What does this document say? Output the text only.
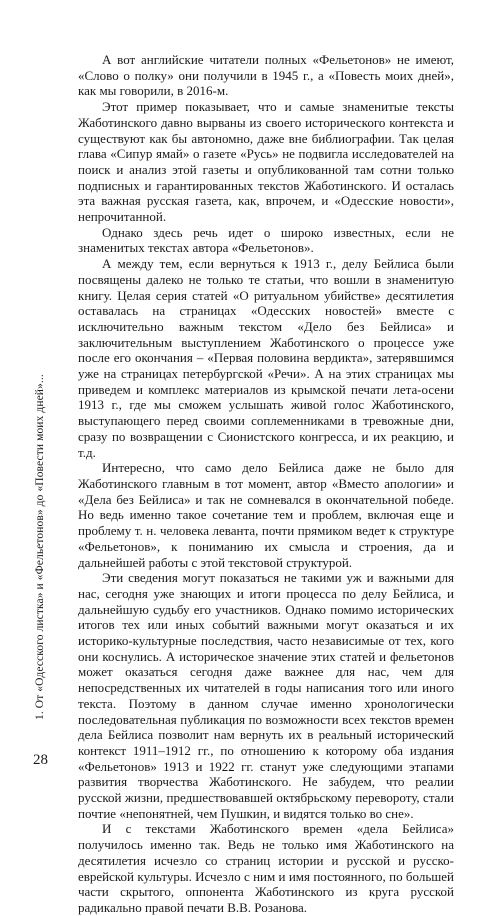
1. От «Одесского листка» и «Фельетонов» до «Повести моих дней»...

А вот английские читатели полных «Фельетонов» не имеют, «Слово о полку» они получили в 1945 г., а «Повесть моих дней», как мы говорили, в 2016-м.

Этот пример показывает, что и самые знаменитые тексты Жаботинского давно вырваны из своего исторического контекста и существуют как бы автономно, даже вне библиографии. Так целая глава «Сипур ямай» о газете «Русь» не подвигла исследователей на поиск и анализ этой газеты и опубликованной там сотни только подписных и гарантированных текстов Жаботинского. И осталась эта важная русская газета, как, впрочем, и «Одесские новости», непрочитанной.

Однако здесь речь идет о широко известных, если не знаменитых текстах автора «Фельетонов».

А между тем, если вернуться к 1913 г., делу Бейлиса были посвящены далеко не только те статьи, что вошли в знаменитую книгу. Целая серия статей «О ритуальном убийстве» десятилетия оставалась на страницах «Одесских новостей» вместе с исключительно важным текстом «Дело без Бейлиса» и заключительным выступлением Жаботинского о процессе уже после его окончания – «Первая половина вердикта», затерявшимся уже на страницах петербургской «Речи». А на этих страницах мы приведем и комплекс материалов из крымской печати лета-осени 1913 г., где мы сможем услышать живой голос Жаботинского, выступающего перед своими соплеменниками в тревожные дни, сразу по возвращении с Сионистского конгресса, и их реакцию, и т.д.

Интересно, что само дело Бейлиса даже не было для Жаботинского главным в тот момент, автор «Вместо апологии» и «Дела без Бейлиса» и так не сомневался в окончательной победе. Но ведь именно такое сочетание тем и проблем, включая еще и проблему т. н. человека леванта, почти прямиком ведет к структуре «Фельетонов», к пониманию их смысла и строения, да и дальнейшей работы с этой текстовой структурой.

Эти сведения могут показаться не такими уж и важными для нас, сегодня уже знающих и итоги процесса по делу Бейлиса, и дальнейшую судьбу его участников. Однако помимо исторических итогов тех или иных событий важными могут оказаться и их историко-культурные последствия, часто независимые от тех, кого они коснулись. А историческое значение этих статей и фельетонов может оказаться сегодня даже важнее для нас, чем для непосредственных их читателей в годы написания того или иного текста. Поэтому в данном случае именно хронологически последовательная публикация по возможности всех текстов времен дела Бейлиса позволит нам вернуть их в реальный исторический контекст 1911–1912 гг., по отношению к которому оба издания «Фельетонов» 1913 и 1922 гг. станут уже следующими этапами развития творчества Жаботинского. Не забудем, что реалии русской жизни, предшествовавшей октябрьскому перевороту, стали почтие «непонятней, чем Пушкин, и видятся только во сне».

И с текстами Жаботинского времен «дела Бейлиса» получилось именно так. Ведь не только имя Жаботинского на десятилетия исчезло со страниц истории и русской и русско-еврейской культуры. Исчезло с ним и имя постоянного, по большей части скрытого, оппонента Жаботинского из круга русской радикально правой печати В.В. Розанова.

28
